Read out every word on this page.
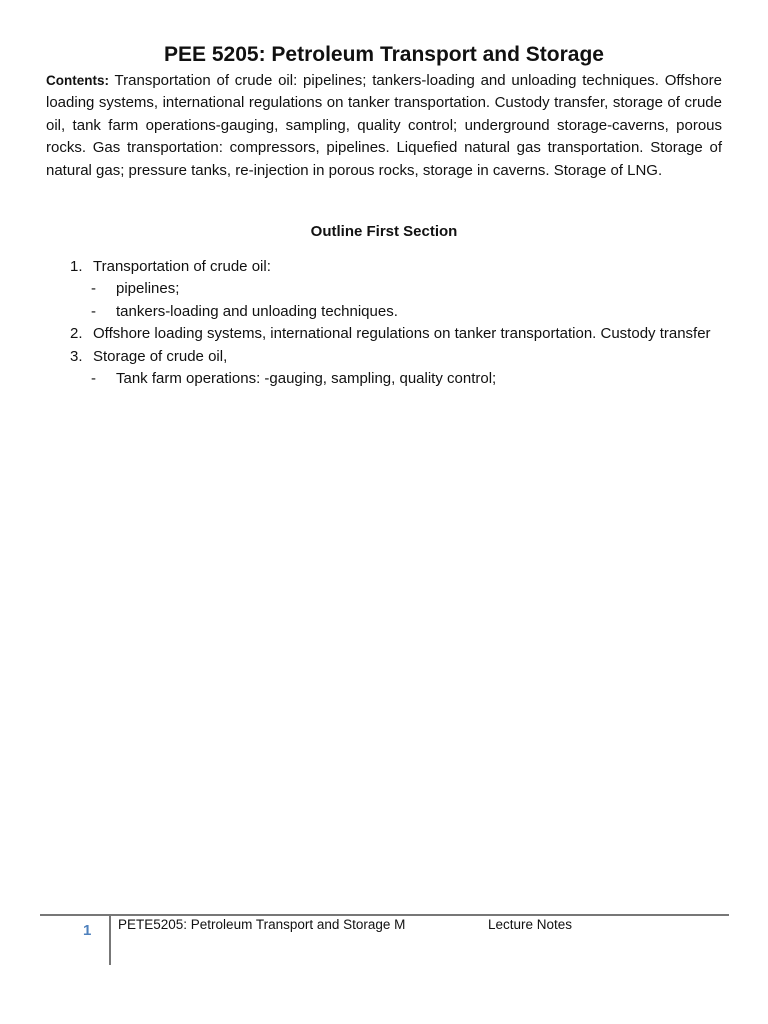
PEE 5205: Petroleum Transport and Storage

Contents: Transportation of crude oil: pipelines; tankers-loading and unloading techniques. Offshore loading systems, international regulations on tanker transportation. Custody transfer, storage of crude oil, tank farm operations-gauging, sampling, quality control; underground storage-caverns, porous rocks. Gas transportation: compressors, pipelines. Liquefied natural gas transportation. Storage of natural gas; pressure tanks, re-injection in porous rocks, storage in caverns. Storage of LNG.

Outline First Section
1. Transportation of crude oil:
- pipelines;
- tankers-loading and unloading techniques.
2. Offshore loading systems, international regulations on tanker transportation. Custody transfer
3. Storage of crude oil,
- Tank farm operations: -gauging, sampling, quality control;
1 PETE5205: Petroleum Transport and Storage M	Lecture Notes
